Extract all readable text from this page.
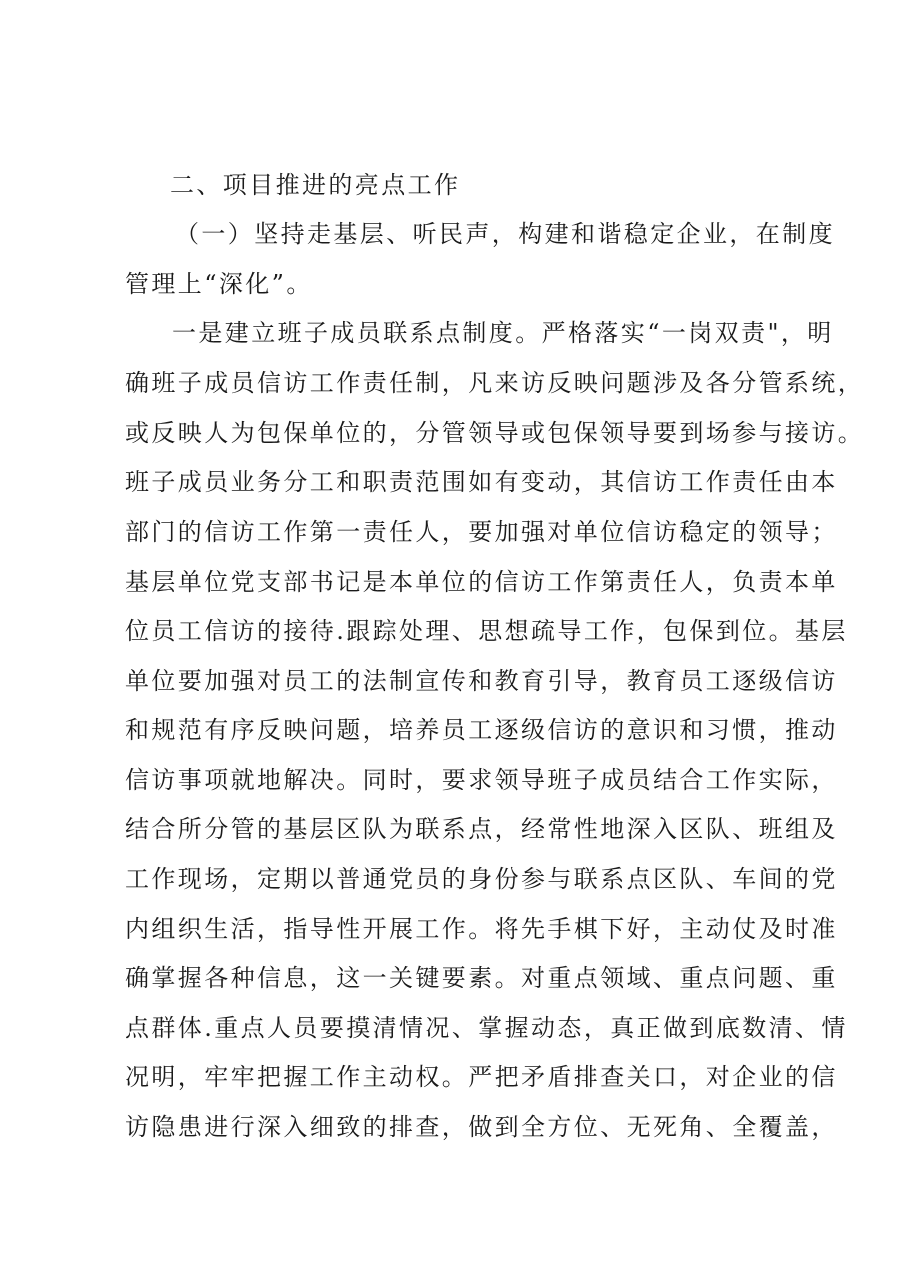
二、项目推进的亮点工作
（一）坚持走基层、听民声，构建和谐稳定企业，在制度
管理上“深化”。
一是建立班子成员联系点制度。严格落实“一岗双责"，明
确班子成员信访工作责任制，凡来访反映问题涉及各分管系统，
或反映人为包保单位的，分管领导或包保领导要到场参与接访。
班子成员业务分工和职责范围如有变动，其信访工作责任由本
部门的信访工作第一责任人，要加强对单位信访稳定的领导；
基层单位党支部书记是本单位的信访工作第责任人，负责本单
位员工信访的接待.跟踪处理、思想疏导工作，包保到位。基层
单位要加强对员工的法制宣传和教育引导，教育员工逐级信访
和规范有序反映问题，培养员工逐级信访的意识和习惯，推动
信访事项就地解决。同时，要求领导班子成员结合工作实际，
结合所分管的基层区队为联系点，经常性地深入区队、班组及
工作现场，定期以普通党员的身份参与联系点区队、车间的党
内组织生活，指导性开展工作。将先手棋下好，主动仗及时准
确掌握各种信息，这一关键要素。对重点领域、重点问题、重
点群体.重点人员要摸清情况、掌握动态，真正做到底数清、情
况明，牢牢把握工作主动权。严把矛盾排查关口，对企业的信
访隐患进行深入细致的排查，做到全方位、无死角、全覆盖，
